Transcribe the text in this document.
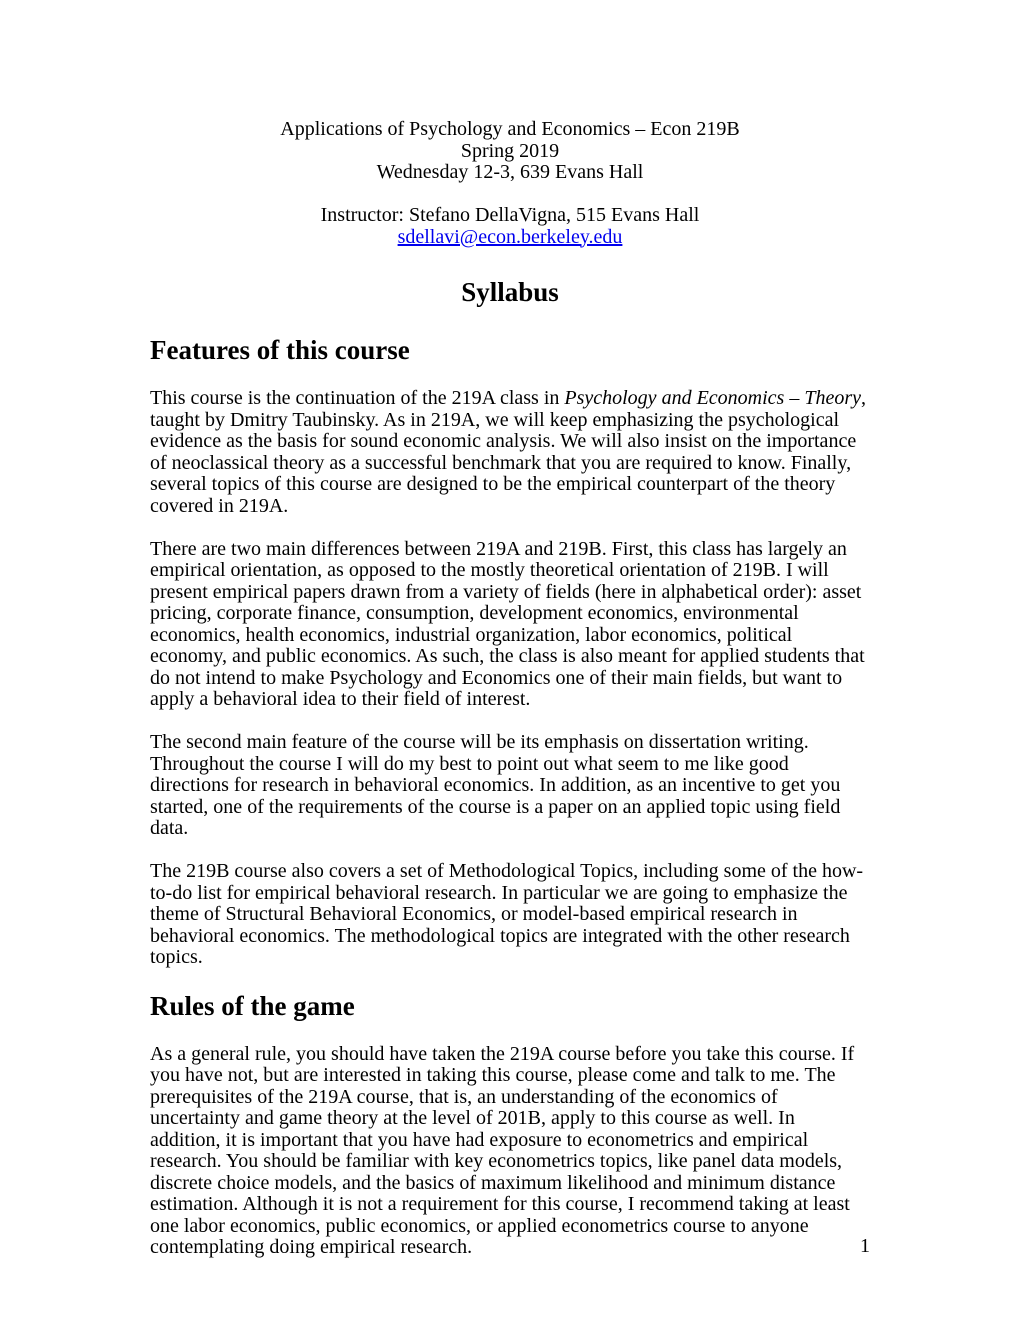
Applications of Psychology and Economics – Econ 219B
Spring 2019
Wednesday 12-3, 639 Evans Hall
Instructor: Stefano DellaVigna, 515 Evans Hall
sdellavi@econ.berkeley.edu
Syllabus
Features of this course

This course is the continuation of the 219A class in Psychology and Economics – Theory, taught by Dmitry Taubinsky. As in 219A, we will keep emphasizing the psychological evidence as the basis for sound economic analysis. We will also insist on the importance of neoclassical theory as a successful benchmark that you are required to know. Finally, several topics of this course are designed to be the empirical counterpart of the theory covered in 219A.

There are two main differences between 219A and 219B. First, this class has largely an empirical orientation, as opposed to the mostly theoretical orientation of 219B. I will present empirical papers drawn from a variety of fields (here in alphabetical order): asset pricing, corporate finance, consumption, development economics, environmental economics, health economics, industrial organization, labor economics, political economy, and public economics. As such, the class is also meant for applied students that do not intend to make Psychology and Economics one of their main fields, but want to apply a behavioral idea to their field of interest.

The second main feature of the course will be its emphasis on dissertation writing. Throughout the course I will do my best to point out what seem to me like good directions for research in behavioral economics. In addition, as an incentive to get you started, one of the requirements of the course is a paper on an applied topic using field data.

The 219B course also covers a set of Methodological Topics, including some of the how-to-do list for empirical behavioral research. In particular we are going to emphasize the theme of Structural Behavioral Economics, or model-based empirical research in behavioral economics. The methodological topics are integrated with the other research topics.

Rules of the game

As a general rule, you should have taken the 219A course before you take this course. If you have not, but are interested in taking this course, please come and talk to me. The prerequisites of the 219A course, that is, an understanding of the economics of uncertainty and game theory at the level of 201B, apply to this course as well. In addition, it is important that you have had exposure to econometrics and empirical research. You should be familiar with key econometrics topics, like panel data models, discrete choice models, and the basics of maximum likelihood and minimum distance estimation. Although it is not a requirement for this course, I recommend taking at least one labor economics, public economics, or applied econometrics course to anyone contemplating doing empirical research.	1
